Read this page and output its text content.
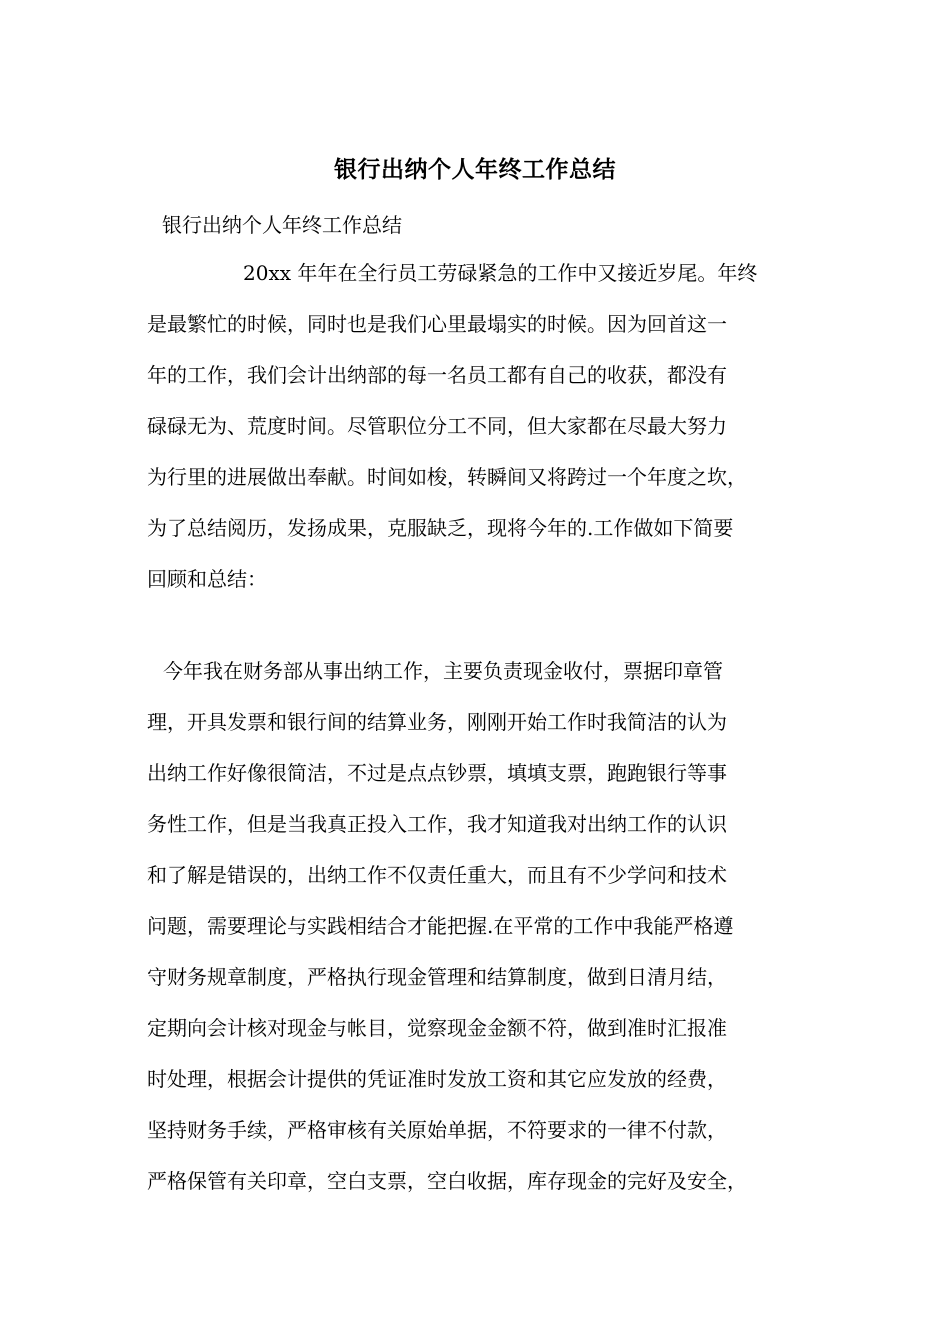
银行出纳个人年终工作总结
银行出纳个人年终工作总结
20xx 年年在全行员工劳碌紧急的工作中又接近岁尾。年终
是最繁忙的时候，同时也是我们心里最塌实的时候。因为回首这一
年的工作，我们会计出纳部的每一名员工都有自己的收获，都没有
碌碌无为、荒度时间。尽管职位分工不同，但大家都在尽最大努力
为行里的进展做出奉献。时间如梭，转瞬间又将跨过一个年度之坎，
为了总结阅历，发扬成果，克服缺乏，现将今年的.工作做如下简要
回顾和总结：
今年我在财务部从事出纳工作，主要负责现金收付，票据印章管
理，开具发票和银行间的结算业务，刚刚开始工作时我简洁的认为
出纳工作好像很简洁，不过是点点钞票，填填支票，跑跑银行等事
务性工作，但是当我真正投入工作，我才知道我对出纳工作的认识
和了解是错误的，出纳工作不仅责任重大，而且有不少学问和技术
问题，需要理论与实践相结合才能把握.在平常的工作中我能严格遵
守财务规章制度，严格执行现金管理和结算制度，做到日清月结，
定期向会计核对现金与帐目，觉察现金金额不符，做到准时汇报准
时处理，根据会计提供的凭证准时发放工资和其它应发放的经费，
坚持财务手续，严格审核有关原始单据，不符要求的一律不付款，
严格保管有关印章，空白支票，空白收据，库存现金的完好及安全，
